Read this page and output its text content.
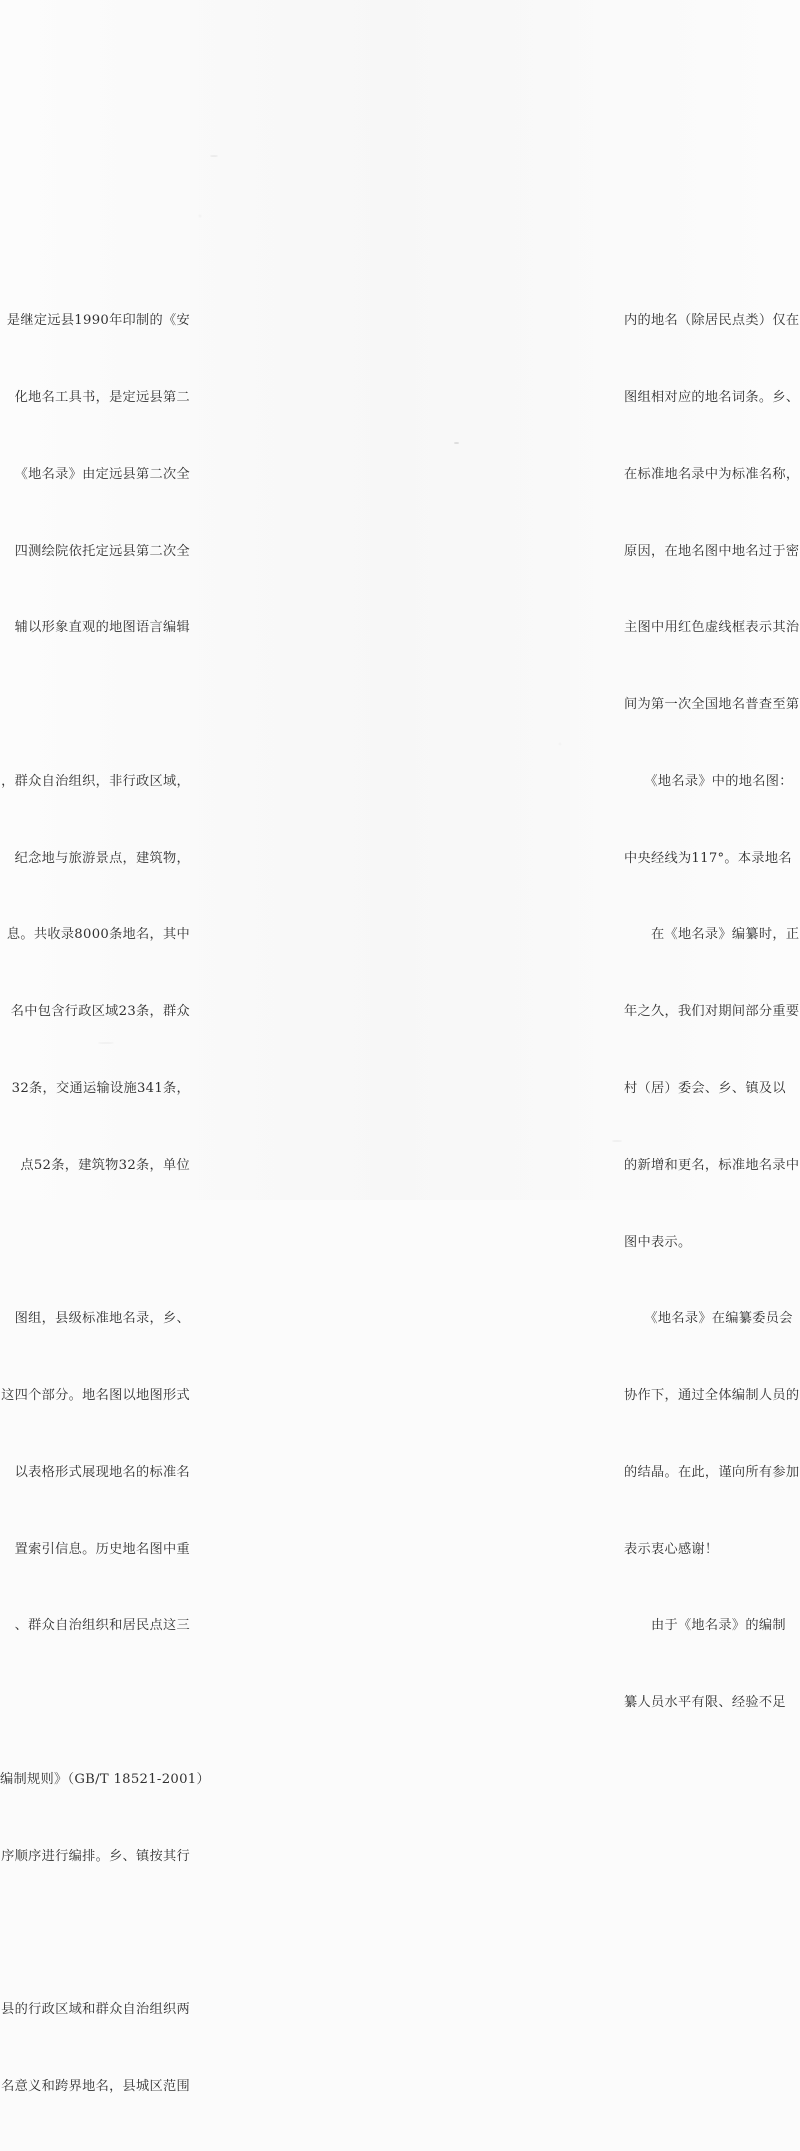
是继定远县1990年印制的《安

化地名工具书，是定远县第二

《地名录》由定远县第二次全

四测绘院依托定远县第二次全

辅以形象直观的地图语言编辑

，群众自治组织，非行政区域，

纪念地与旅游景点，建筑物，

息。共收录8000条地名，其中

名中包含行政区域23条，群众

32条，交通运输设施341条，

点52条，建筑物32条，单位

图组，县级标准地名录，乡、

这四个部分。地名图以地图形式

以表格形式展现地名的标准名

置索引信息。历史地名图中重

、群众自治组织和居民点这三

编制规则》（GB/T 18521-2001）

序顺序进行编排。乡、镇按其行

县的行政区域和群众自治组织两

名意义和跨界地名，县城区范围

内的地名（除居民点类）仅在

图组相对应的地名词条。乡、

在标准地名录中为标准名称，

原因，在地名图中地名过于密

主图中用红色虚线框表示其治

间为第一次全国地名普查至第

　　《地名录》中的地名图：

中央经线为117°。本录地名

　　在《地名录》编纂时，正

年之久，我们对期间部分重要

村（居）委会、乡、镇及以

的新增和更名，标准地名录中

图中表示。

　　《地名录》在编纂委员会

协作下，通过全体编制人员的

的结晶。在此，谨向所有参加

表示衷心感谢！

　　由于《地名录》的编制

纂人员水平有限、经验不足
